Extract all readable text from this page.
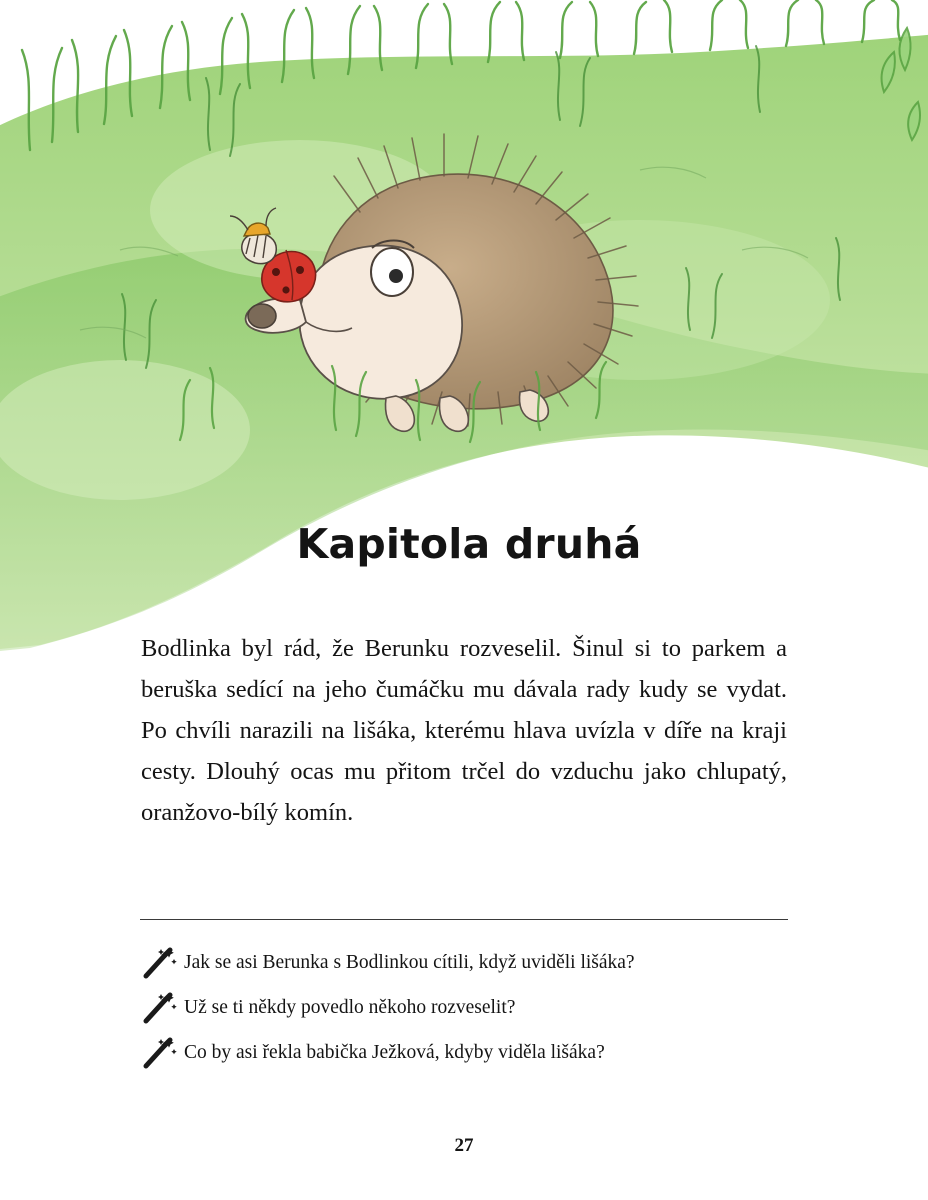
Kapitola druhá

Bodlinka byl rád, že Berunku rozveselil. Šinul si to parkem a beruška sedící na jeho čumáčku mu dávala rady kudy se vydat. Po chvíli narazili na lišáka, kterému hlava uvízla v díře na kraji cesty. Dlouhý ocas mu přitom trčel do vzduchu jako chlupatý, oranžovo-bílý komín.

Jak se asi Berunka s Bodlinkou cítili, když uviděli lišáka?
Už se ti někdy povedlo někoho rozveselit?
Co by asi řekla babička Ježková, kdyby viděla lišáka?
27
